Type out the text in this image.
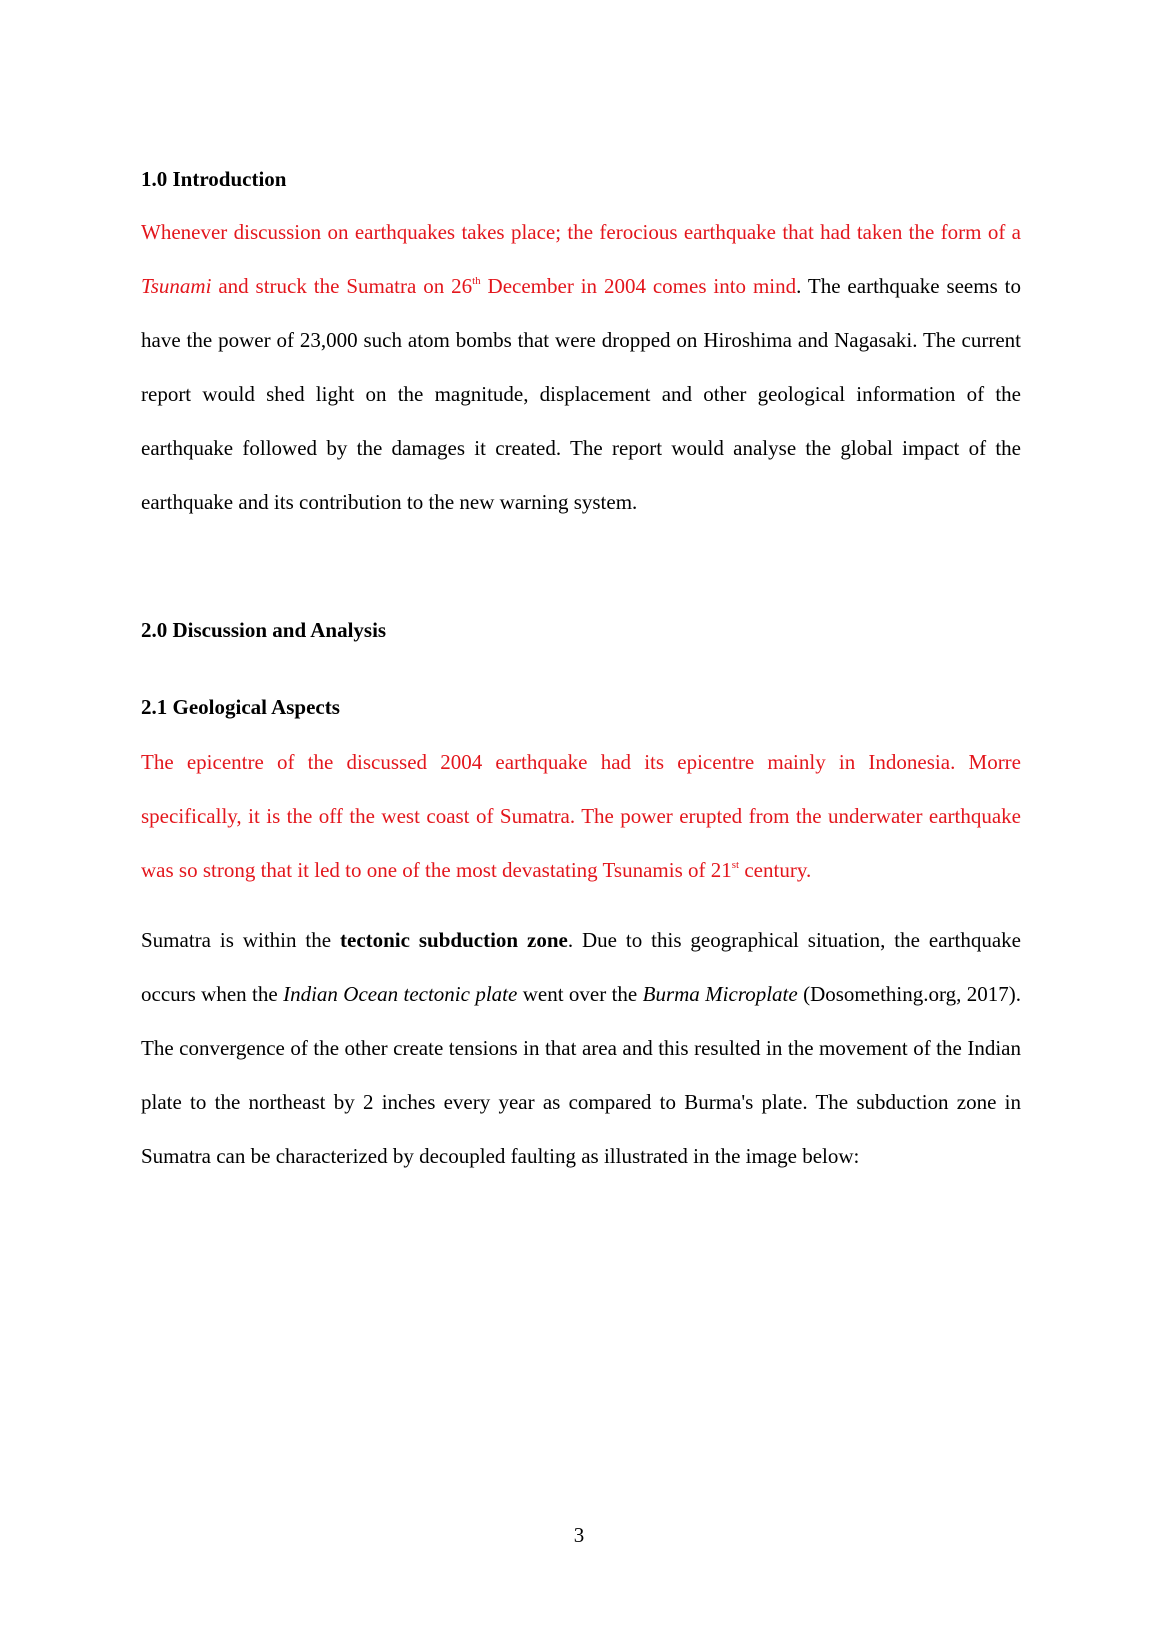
1.0 Introduction

Whenever discussion on earthquakes takes place; the ferocious earthquake that had taken the form of a Tsunami and struck the Sumatra on 26th December in 2004 comes into mind. The earthquake seems to have the power of 23,000 such atom bombs that were dropped on Hiroshima and Nagasaki. The current report would shed light on the magnitude, displacement and other geological information of the earthquake followed by the damages it created. The report would analyse the global impact of the earthquake and its contribution to the new warning system.

2.0 Discussion and Analysis
2.1 Geological Aspects

The epicentre of the discussed 2004 earthquake had its epicentre mainly in Indonesia. Morre specifically, it is the off the west coast of Sumatra. The power erupted from the underwater earthquake was so strong that it led to one of the most devastating Tsunamis of 21st century.

Sumatra is within the tectonic subduction zone. Due to this geographical situation, the earthquake occurs when the Indian Ocean tectonic plate went over the Burma Microplate (Dosomething.org, 2017). The convergence of the other create tensions in that area and this resulted in the movement of the Indian plate to the northeast by 2 inches every year as compared to Burma's plate. The subduction zone in Sumatra can be characterized by decoupled faulting as illustrated in the image below:

3
